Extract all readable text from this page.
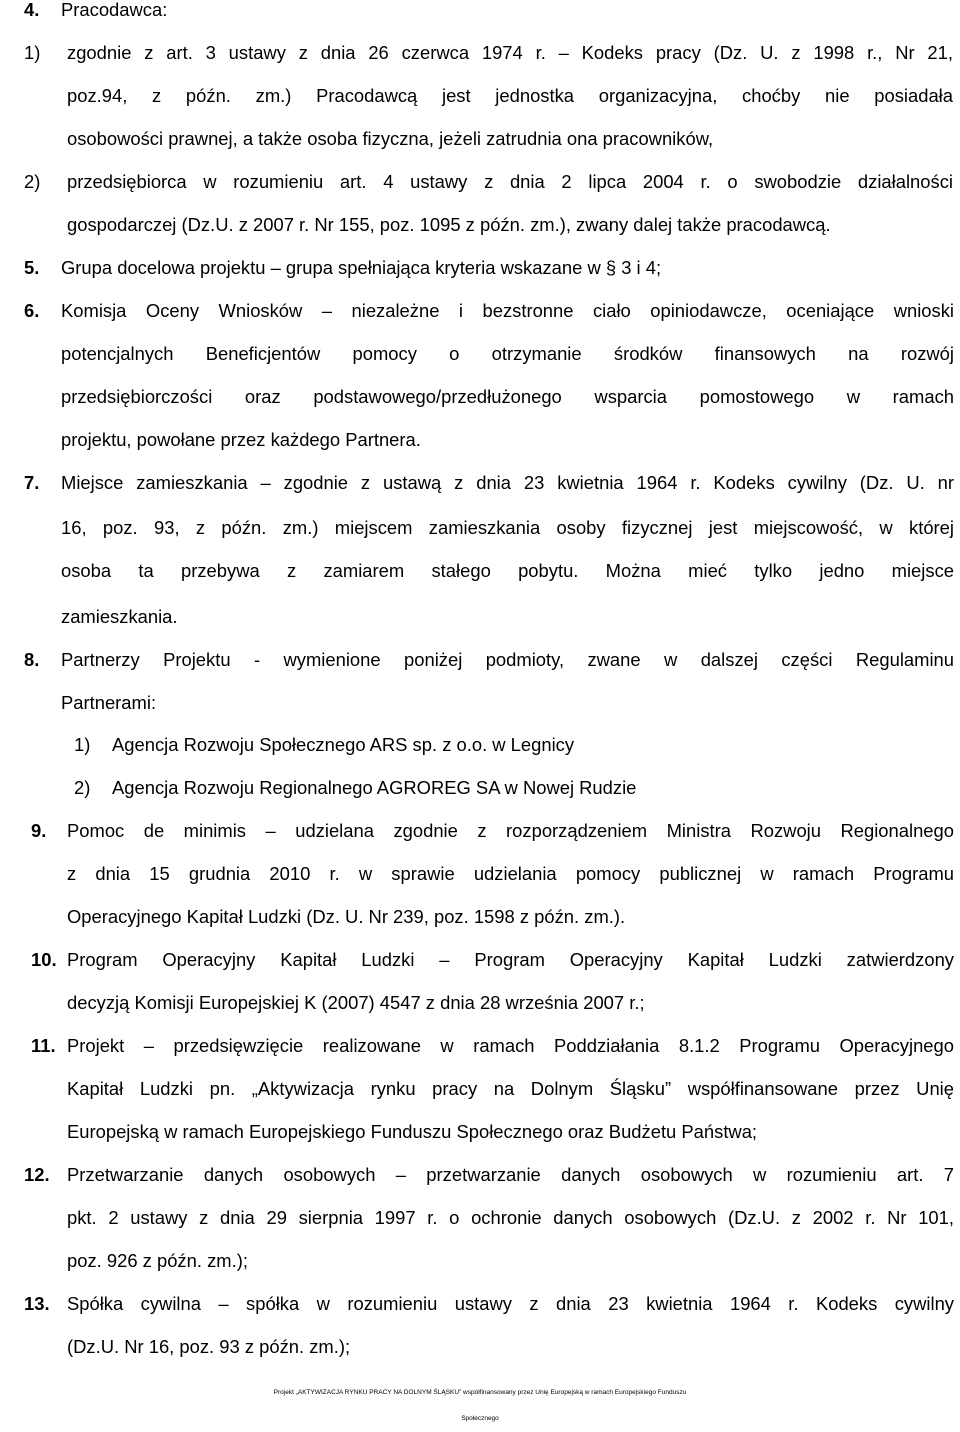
4. Pracodawca:
1) zgodnie z art. 3 ustawy z dnia 26 czerwca 1974 r. – Kodeks pracy (Dz. U. z 1998 r., Nr 21,
poz.94, z późn. zm.) Pracodawcą jest jednostka organizacyjna, choćby nie posiadała
osobowości prawnej, a także osoba fizyczna, jeżeli zatrudnia ona pracowników,
2) przedsiębiorca w rozumieniu art. 4 ustawy z dnia 2 lipca 2004 r. o swobodzie działalności
gospodarczej (Dz.U. z 2007 r. Nr 155, poz. 1095 z późn. zm.), zwany dalej także pracodawcą.
5. Grupa docelowa projektu – grupa spełniająca kryteria wskazane w § 3 i 4;
6. Komisja Oceny Wniosków – niezależne i bezstronne ciało opiniodawcze, oceniające wnioski
potencjalnych Beneficjentów pomocy o otrzymanie środków finansowych na rozwój
przedsiębiorczości oraz podstawowego/przedłużonego wsparcia pomostowego w ramach
projektu, powołane przez każdego Partnera.
7. Miejsce zamieszkania – zgodnie z ustawą z dnia 23 kwietnia 1964 r. Kodeks cywilny (Dz. U. nr
16, poz. 93, z późn. zm.) miejscem zamieszkania osoby fizycznej jest miejscowość, w której
osoba ta przebywa z zamiarem stałego pobytu. Można mieć tylko jedno miejsce
zamieszkania.
8. Partnerzy Projektu - wymienione poniżej podmioty, zwane w dalszej części Regulaminu
Partnerami:
1) Agencja Rozwoju Społecznego ARS sp. z o.o. w Legnicy
2) Agencja Rozwoju Regionalnego AGROREG SA w Nowej Rudzie
9. Pomoc de minimis – udzielana zgodnie z rozporządzeniem Ministra Rozwoju Regionalnego
z dnia 15 grudnia 2010 r. w sprawie udzielania pomocy publicznej w ramach Programu
Operacyjnego Kapitał Ludzki (Dz. U. Nr 239, poz. 1598 z późn. zm.).
10. Program Operacyjny Kapitał Ludzki – Program Operacyjny Kapitał Ludzki zatwierdzony
decyzją Komisji Europejskiej K (2007) 4547 z dnia 28 września 2007 r.;
11. Projekt – przedsięwzięcie realizowane w ramach Poddziałania 8.1.2 Programu Operacyjnego
Kapitał Ludzki pn. „Aktywizacja rynku pracy na Dolnym Śląsku” współfinansowane przez Unię
Europejską w ramach Europejskiego Funduszu Społecznego oraz Budżetu Państwa;
12. Przetwarzanie danych osobowych – przetwarzanie danych osobowych w rozumieniu art. 7
pkt. 2 ustawy z dnia 29 sierpnia 1997 r. o ochronie danych osobowych (Dz.U. z 2002 r. Nr 101,
poz. 926 z późn. zm.);
13. Spółka cywilna – spółka w rozumieniu ustawy z dnia 23 kwietnia 1964 r. Kodeks cywilny
(Dz.U. Nr 16, poz. 93 z późn. zm.);
Projekt „AKTYWIZACJA RYNKU PRACY NA DOLNYM ŚLĄSKU” współfinansowany przez Unię Europejską w ramach Europejskiego Funduszu
Społecznego
